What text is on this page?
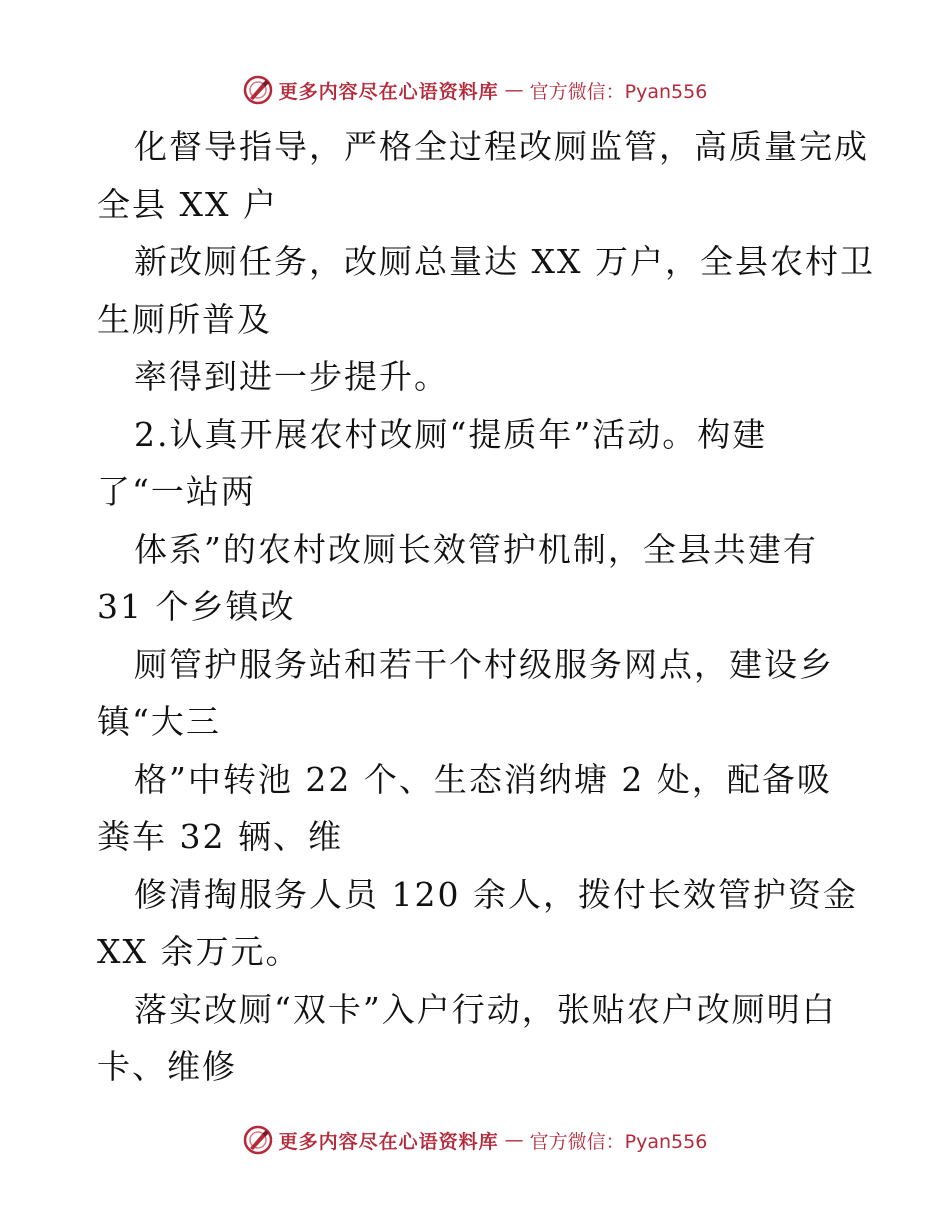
更多内容尽在心语资料库 — 官方微信：Pyan556
化督导指导，严格全过程改厕监管，高质量完成
全县 XX 户
新改厕任务，改厕总量达 XX 万户，全县农村卫
生厕所普及
率得到进一步提升。
2.认真开展农村改厕“提质年”活动。构建
了“一站两
体系”的农村改厕长效管护机制，全县共建有
31 个乡镇改
厕管护服务站和若干个村级服务网点，建设乡
镇“大三
格”中转池 22 个、生态消纳塘 2 处，配备吸
粪车 32 辆、维
修清掏服务人员 120 余人，拨付长效管护资金
XX 余万元。
落实改厕“双卡”入户行动，张贴农户改厕明白
卡、维修
更多内容尽在心语资料库 — 官方微信：Pyan556
